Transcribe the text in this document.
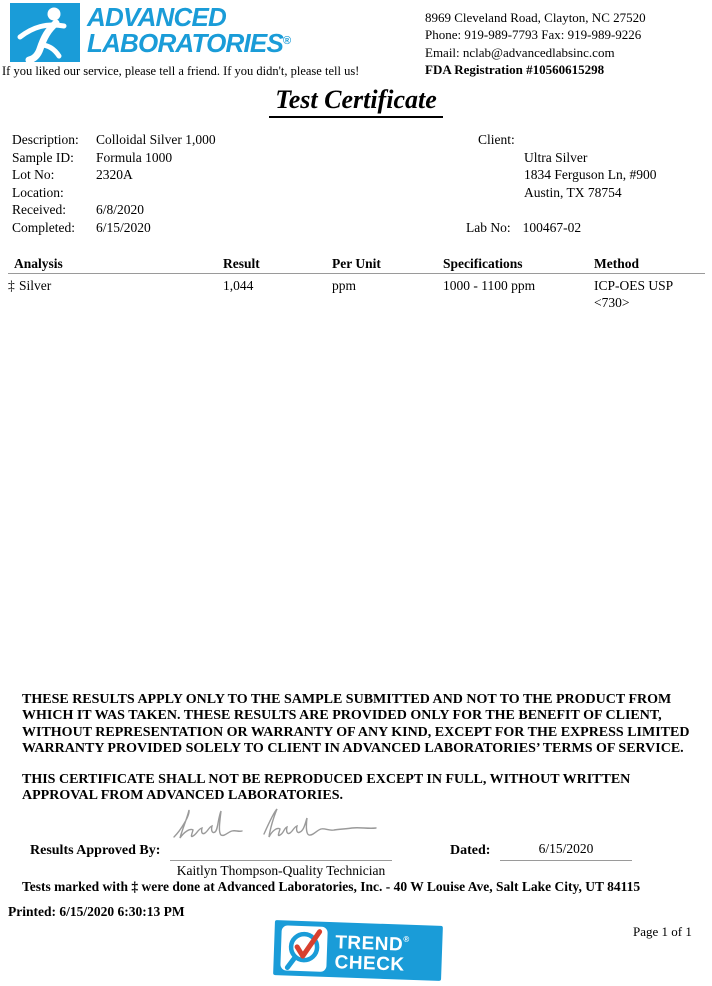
ADVANCED
LABORATORIES®
8969 Cleveland Road, Clayton, NC 27520
Phone: 919-989-7793 Fax: 919-989-9226
Email: nclab@advancedlabsinc.com
FDA Registration #10560615298
If you liked our service, please tell a friend. If you didn't, please tell us!
Test Certificate
Description: Colloidal Silver 1,000
Sample ID: Formula 1000
Lot No:	2320A
Location:
Received: 6/8/2020
Completed: 6/15/2020
Client:
Ultra Silver
1834 Ferguson Ln, #900
Austin, TX 78754
Lab No: 100467-02
Analysis	Result	Per Unit	Specifications	Method
‡ Silver	1,044	ppm	1000 - 1100 ppm	ICP-OES USP <730>

THESE RESULTS APPLY ONLY TO THE SAMPLE SUBMITTED AND NOT TO THE PRODUCT FROM WHICH IT WAS TAKEN. THESE RESULTS ARE PROVIDED ONLY FOR THE BENEFIT OF CLIENT, WITHOUT REPRESENTATION OR WARRANTY OF ANY KIND, EXCEPT FOR THE EXPRESS LIMITED WARRANTY PROVIDED SOLELY TO CLIENT IN ADVANCED LABORATORIES’ TERMS OF SERVICE.

THIS CERTIFICATE SHALL NOT BE REPRODUCED EXCEPT IN FULL, WITHOUT WRITTEN APPROVAL FROM ADVANCED LABORATORIES.

Results Approved By:
Kaitlyn Thompson-Quality Technician
Dated:	6/15/2020
Tests marked with ‡ were done at Advanced Laboratories, Inc. - 40 W Louise Ave, Salt Lake City, UT 84115
Printed: 6/15/2020 6:30:13 PM
Page 1 of 1
TREND®
CHECK
